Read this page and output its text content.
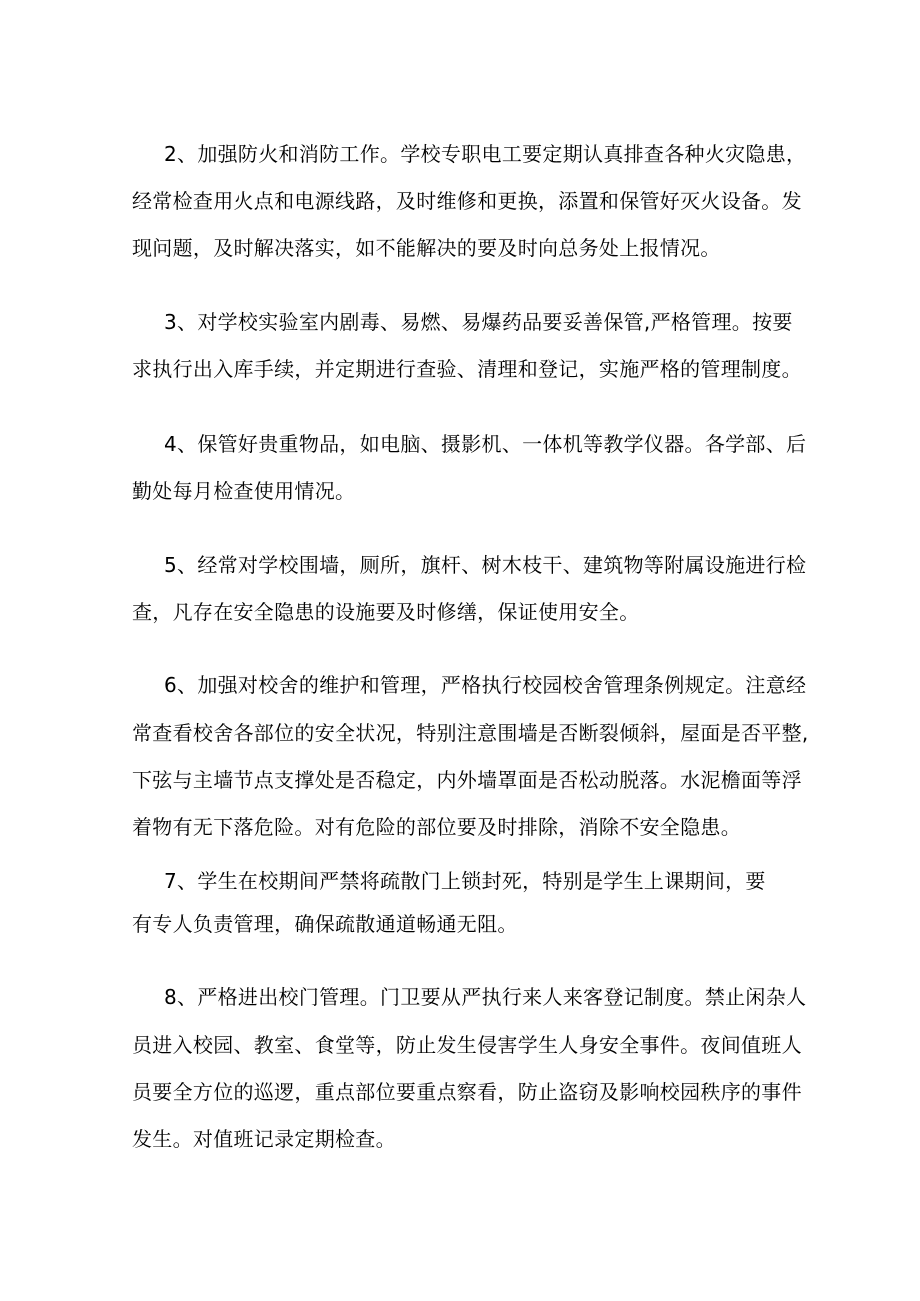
2、加强防火和消防工作。学校专职电工要定期认真排查各种火灾隐患，
经常检查用火点和电源线路，及时维修和更换，添置和保管好灭火设备。发
现问题，及时解决落实，如不能解决的要及时向总务处上报情况。
3、对学校实验室内剧毒、易燃、易爆药品要妥善保管,严格管理。按要
求执行出入库手续，并定期进行查验、清理和登记，实施严格的管理制度。
4、保管好贵重物品，如电脑、摄影机、一体机等教学仪器。各学部、后
勤处每月检查使用情况。
5、经常对学校围墙，厕所，旗杆、树木枝干、建筑物等附属设施进行检
查，凡存在安全隐患的设施要及时修缮，保证使用安全。
6、加强对校舍的维护和管理，严格执行校园校舍管理条例规定。注意经
常查看校舍各部位的安全状况，特别注意围墙是否断裂倾斜，屋面是否平整,
下弦与主墙节点支撑处是否稳定，内外墙罩面是否松动脱落。水泥檐面等浮
着物有无下落危险。对有危险的部位要及时排除，消除不安全隐患。
7、学生在校期间严禁将疏散门上锁封死，特别是学生上课期间，要
有专人负责管理，确保疏散通道畅通无阻。
8、严格进出校门管理。门卫要从严执行来人来客登记制度。禁止闲杂人
员进入校园、教室、食堂等，防止发生侵害学生人身安全事件。夜间值班人
员要全方位的巡逻，重点部位要重点察看，防止盗窃及影响校园秩序的事件
发生。对值班记录定期检查。
